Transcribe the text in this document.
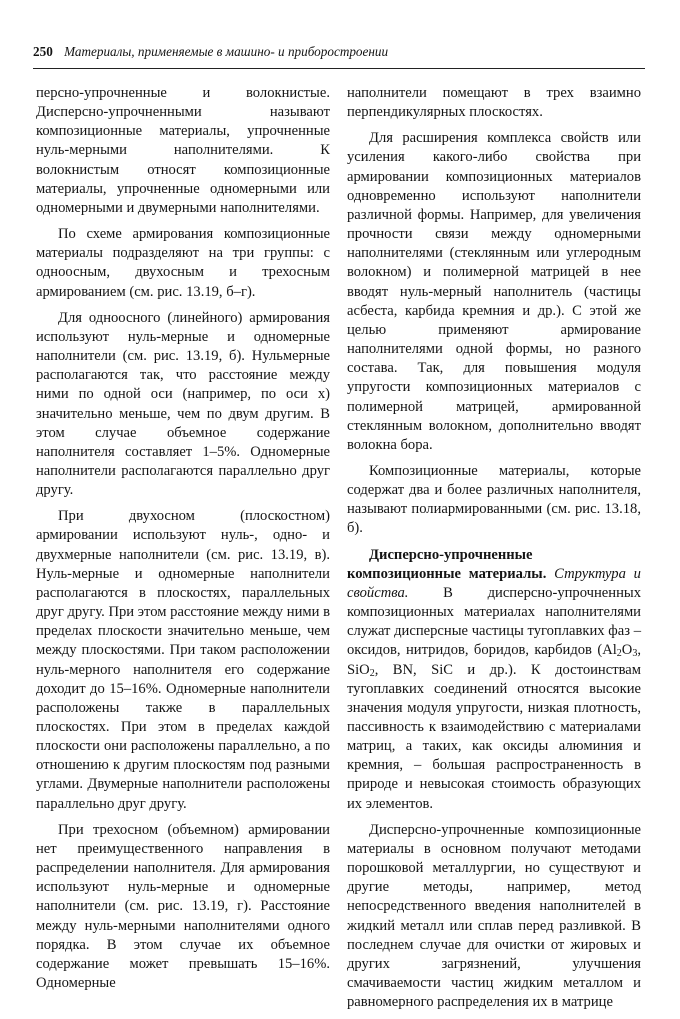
250 Материалы, применяемые в машино- и приборостроении

персно-упрочненные и волокнистые. Дисперсно-упрочненными называют композиционные материалы, упрочненные нуль-мерными наполнителями. К волокнистым относят композиционные материалы, упрочненные одномерными или одномерными и двумерными наполнителями.

По схеме армирования композиционные материалы подразделяют на три группы: с одноосным, двухосным и трехосным армированием (см. рис. 13.19, б–г).

Для одноосного (линейного) армирования используют нуль-мерные и одномерные наполнители (см. рис. 13.19, б). Нульмерные располагаются так, что расстояние между ними по одной оси (например, по оси x) значительно меньше, чем по двум другим. В этом случае объемное содержание наполнителя составляет 1–5%. Одномерные наполнители располагаются параллельно друг другу.

При двухосном (плоскостном) армировании используют нуль-, одно- и двухмерные наполнители (см. рис. 13.19, в). Нуль-мерные и одномерные наполнители располагаются в плоскостях, параллельных друг другу. При этом расстояние между ними в пределах плоскости значительно меньше, чем между плоскостями. При таком расположении нуль-мерного наполнителя его содержание доходит до 15–16%. Одномерные наполнители расположены также в параллельных плоскостях. При этом в пределах каждой плоскости они расположены параллельно, а по отношению к другим плоскостям под разными углами. Двумерные наполнители расположены параллельно друг другу.

При трехосном (объемном) армировании нет преимущественного направления в распределении наполнителя. Для армирования используют нуль-мерные и одномерные наполнители (см. рис. 13.19, г). Расстояние между нуль-мерными наполнителями одного порядка. В этом случае их объемное содержание может превышать 15–16%. Одномерные

наполнители помещают в трех взаимно перпендикулярных плоскостях.

Для расширения комплекса свойств или усиления какого-либо свойства при армировании композиционных материалов одновременно используют наполнители различной формы. Например, для увеличения прочности связи между одномерными наполнителями (стеклянным или углеродным волокном) и полимерной матрицей в нее вводят нуль-мерный наполнитель (частицы асбеста, карбида кремния и др.). С этой же целью применяют армирование наполнителями одной формы, но разного состава. Так, для повышения модуля упругости композиционных материалов с полимерной матрицей, армированной стеклянным волокном, дополнительно вводят волокна бора.

Композиционные материалы, которые содержат два и более различных наполнителя, называют полиармированными (см. рис. 13.18, б).

Дисперсно-упрочненные композиционные материалы. Структура и свойства. В дисперсно-упрочненных композиционных материалах наполнителями служат дисперсные частицы тугоплавких фаз – оксидов, нитридов, боридов, карбидов ($Al_2O_3$, SiO$_2$, BN, SiC и др.). К достоинствам тугоплавких соединений относятся высокие значения модуля упругости, низкая плотность, пассивность к взаимодействию с материалами матриц, а таких, как оксиды алюминия и кремния, – большая распространенность в природе и невысокая стоимость образующих их элементов.

Дисперсно-упрочненные композиционные материалы в основном получают методами порошковой металлургии, но существуют и другие методы, например, метод непосредственного введения наполнителей в жидкий металл или сплав перед разливкой. В последнем случае для очистки от жировых и других загрязнений, улучшения смачиваемости частиц жидким металлом и равномерного распределения их в матрице
